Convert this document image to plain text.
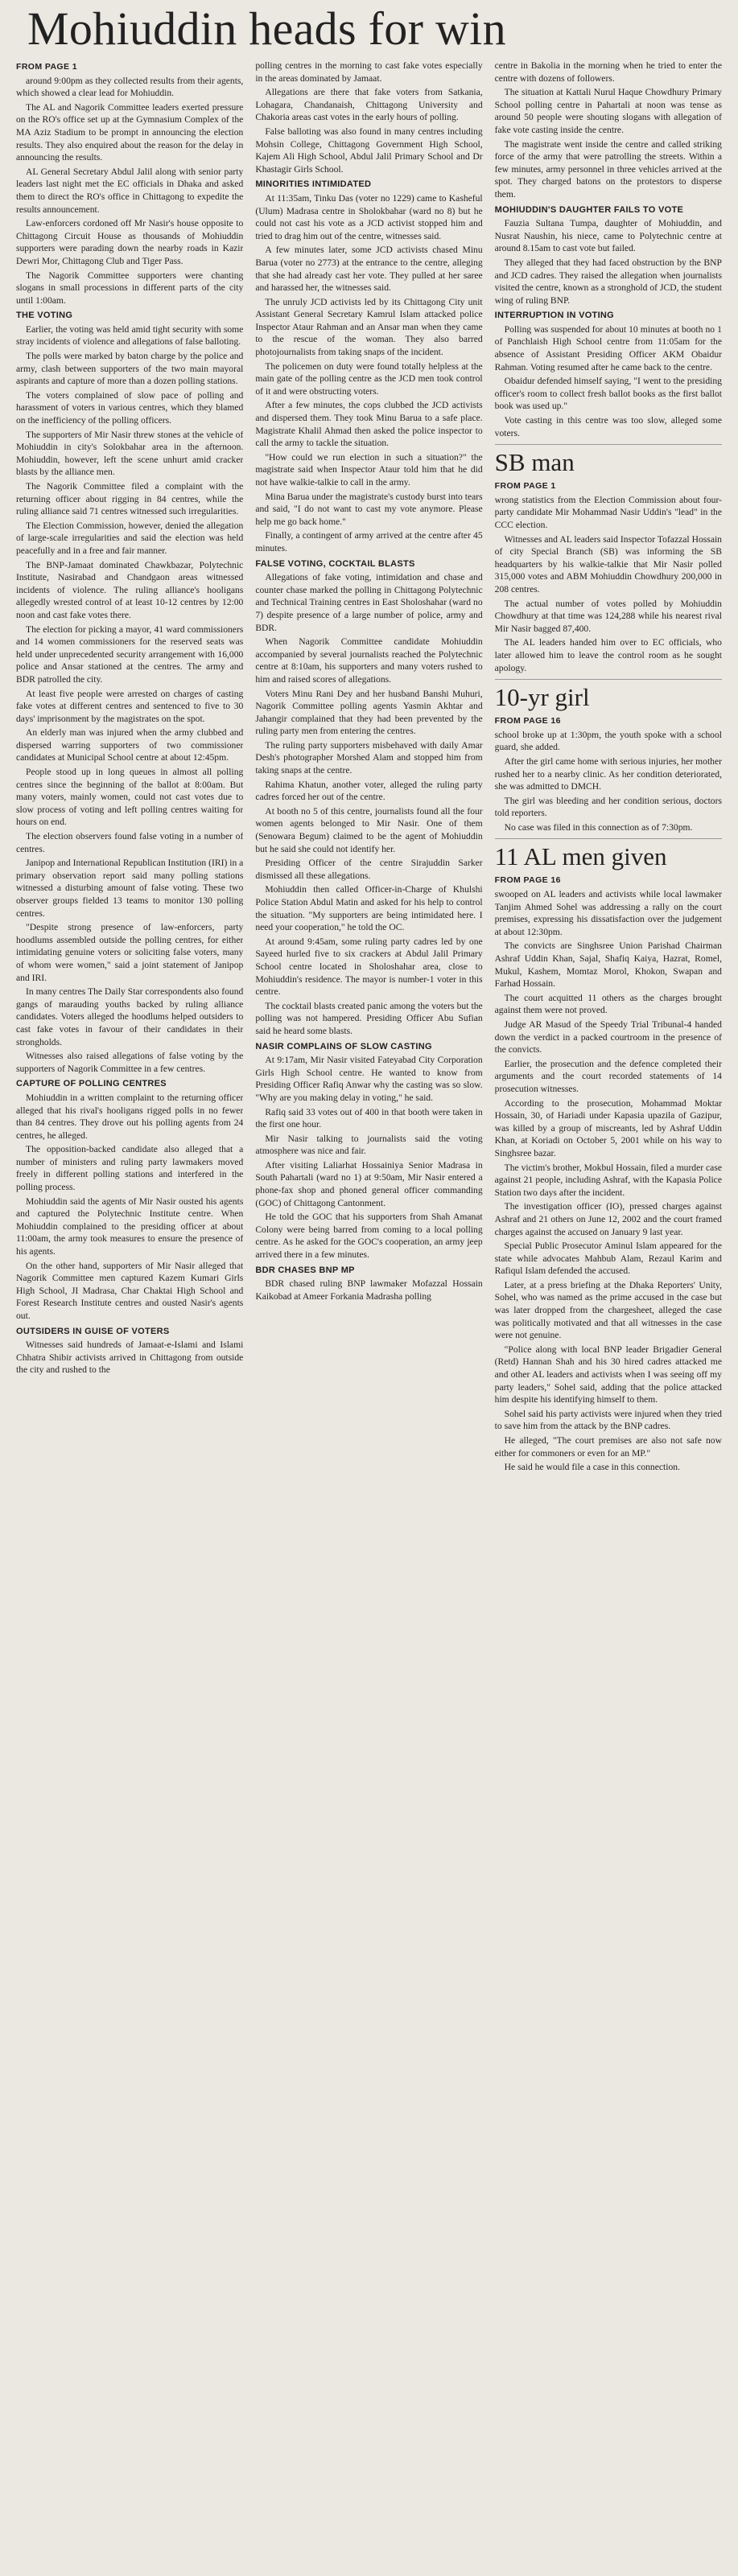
Mohiuddin heads for win
FROM PAGE 1

around 9:00pm as they collected results from their agents, which showed a clear lead for Mohiuddin.

The AL and Nagorik Committee leaders exerted pressure on the RO's office set up at the Gymnasium Complex of the MA Aziz Stadium to be prompt in announcing the election results. They also enquired about the reason for the delay in announcing the results.

AL General Secretary Abdul Jalil along with senior party leaders last night met the EC officials in Dhaka and asked them to direct the RO's office in Chittagong to expedite the results announcement.

Law-enforcers cordoned off Mr Nasir's house opposite to Chittagong Circuit House as thousands of Mohiuddin supporters were parading down the nearby roads in Kazir Dewri Mor, Chittagong Club and Tiger Pass.

The Nagorik Committee supporters were chanting slogans in small processions in different parts of the city until 1:00am.

THE VOTING

Earlier, the voting was held amid tight security with some stray incidents of violence and allegations of false balloting.

The polls were marked by baton charge by the police and army, clash between supporters of the two main mayoral aspirants and capture of more than a dozen polling stations.

The voters complained of slow pace of polling and harassment of voters in various centres, which they blamed on the inefficiency of the polling officers.

The supporters of Mir Nasir threw stones at the vehicle of Mohiuddin in city's Solokbahar area in the afternoon. Mohiuddin, however, left the scene unhurt amid cracker blasts by the alliance men.

The Nagorik Committee filed a complaint with the returning officer about rigging in 84 centres, while the ruling alliance said 71 centres witnessed such irregularities.

The Election Commission, however, denied the allegation of large-scale irregularities and said the election was held peacefully and in a free and fair manner.

The BNP-Jamaat dominated Chawkbazar, Polytechnic Institute, Nasirabad and Chandgaon areas witnessed incidents of violence. The ruling alliance's hooligans allegedly wrested control of at least 10-12 centres by 12:00 noon and cast fake votes there.

The election for picking a mayor, 41 ward commissioners and 14 women commissioners for the reserved seats was held under unprecedented security arrangement with 16,000 police and Ansar stationed at the centres. The army and BDR patrolled the city.

At least five people were arrested on charges of casting fake votes at different centres and sentenced to five to 30 days' imprisonment by the magistrates on the spot.

An elderly man was injured when the army clubbed and dispersed warring supporters of two commissioner candidates at Municipal School centre at about 12:45pm.

People stood up in long queues in almost all polling centres since the beginning of the ballot at 8:00am. But many voters, mainly women, could not cast votes due to slow process of voting and left polling centres waiting for hours on end.

The election observers found false voting in a number of centres.

Janipop and International Republican Institution (IRI) in a primary observation report said many polling stations witnessed a disturbing amount of false voting. These two observer groups fielded 13 teams to monitor 130 polling centres.

"Despite strong presence of law-enforcers, party hoodlums assembled outside the polling centres, for either intimidating genuine voters or soliciting false voters, many of whom were women," said a joint statement of Janipop and IRI.

In many centres The Daily Star correspondents also found gangs of marauding youths backed by ruling alliance candidates. Voters alleged the hoodlums helped outsiders to cast fake votes in favour of their candidates in their strongholds.

Witnesses also raised allegations of false voting by the supporters of Nagorik Committee in a few centres.

CAPTURE OF POLLING CENTRES

Mohiuddin in a written complaint to the returning officer alleged that his rival's hooligans rigged polls in no fewer than 84 centres. They drove out his polling agents from 24 centres, he alleged.

The opposition-backed candidate also alleged that a number of ministers and ruling party lawmakers moved freely in different polling stations and interfered in the polling process.

Mohiuddin said the agents of Mir Nasir ousted his agents and captured the Polytechnic Institute centre. When Mohiuddin complained to the presiding officer at about 11:00am, the army took measures to ensure the presence of his agents.

On the other hand, supporters of Mir Nasir alleged that Nagorik Committee men captured Kazem Kumari Girls High School, JI Madrasa, Char Chaktai High School and Forest Research Institute centres and ousted Nasir's agents out.

OUTSIDERS IN GUISE OF VOTERS

Witnesses said hundreds of Jamaat-e-Islami and Islami Chhatra Shibir activists arrived in Chittagong from outside the city and rushed to the

polling centres in the morning to cast fake votes especially in the areas dominated by Jamaat.

Allegations are there that fake voters from Satkania, Lohagara, Chandanaish, Chittagong University and Chakoria areas cast votes in the early hours of polling.

False balloting was also found in many centres including Mohsin College, Chittagong Government High School, Kajem Ali High School, Abdul Jalil Primary School and Dr Khastagir Girls School.

MINORITIES INTIMIDATED

At 11:35am, Tinku Das (voter no 1229) came to Kasheful (Ulum) Madrasa centre in Sholokbahar (ward no 8) but he could not cast his vote as a JCD activist stopped him and tried to drag him out of the centre, witnesses said.

A few minutes later, some JCD activists chased Minu Barua (voter no 2773) at the entrance to the centre, alleging that she had already cast her vote. They pulled at her saree and harassed her, the witnesses said.

The unruly JCD activists led by its Chittagong City unit Assistant General Secretary Kamrul Islam attacked police Inspector Ataur Rahman and an Ansar man when they came to the rescue of the woman. They also barred photojournalists from taking snaps of the incident.

The policemen on duty were found totally helpless at the main gate of the polling centre as the JCD men took control of it and were obstructing voters.

After a few minutes, the cops clubbed the JCD activists and dispersed them. They took Minu Barua to a safe place. Magistrate Khalil Ahmad then asked the police inspector to call the army to tackle the situation.

"How could we run election in such a situation?" the magistrate said when Inspector Ataur told him that he did not have walkie-talkie to call in the army.

Mina Barua under the magistrate's custody burst into tears and said, "I do not want to cast my vote anymore. Please help me go back home."

Finally, a contingent of army arrived at the centre after 45 minutes.

FALSE VOTING, COCKTAIL BLASTS

Allegations of fake voting, intimidation and chase and counter chase marked the polling in Chittagong Polytechnic and Technical Training centres in East Sholoshahar (ward no 7) despite presence of a large number of police, army and BDR.

When Nagorik Committee candidate Mohiuddin accompanied by several journalists reached the Polytechnic centre at 8:10am, his supporters and many voters rushed to him and raised scores of allegations.

Voters Minu Rani Dey and her husband Banshi Muhuri, Nagorik Committee polling agents Yasmin Akhtar and Jahangir complained that they had been prevented by the ruling party men from entering the centres.

The ruling party supporters misbehaved with daily Amar Desh's photographer Morshed Alam and stopped him from taking snaps at the centre.

Rahima Khatun, another voter, alleged the ruling party cadres forced her out of the centre.

At booth no 5 of this centre, journalists found all the four women agents belonged to Mir Nasir. One of them (Senowara Begum) claimed to be the agent of Mohiuddin but he said she could not identify her.

Presiding Officer of the centre Sirajuddin Sarker dismissed all these allegations.

Mohiuddin then called Officer-in-Charge of Khulshi Police Station Abdul Matin and asked for his help to control the situation. "My supporters are being intimidated here. I need your cooperation," he told the OC.

At around 9:45am, some ruling party cadres led by one Sayeed hurled five to six crackers at Abdul Jalil Primary School centre located in Sholoshahar area, close to Mohiuddin's residence. The mayor is number-1 voter in this centre.

The cocktail blasts created panic among the voters but the polling was not hampered. Presiding Officer Abu Sufian said he heard some blasts.

NASIR COMPLAINS OF SLOW CASTING

At 9:17am, Mir Nasir visited Fateyabad City Corporation Girls High School centre. He wanted to know from Presiding Officer Rafiq Anwar why the casting was so slow. "Why are you making delay in voting," he said.

Rafiq said 33 votes out of 400 in that booth were taken in the first one hour.

Mir Nasir talking to journalists said the voting atmosphere was nice and fair.

After visiting Laliarhat Hossainiya Senior Madrasa in South Pahartali (ward no 1) at 9:50am, Mir Nasir entered a phone-fax shop and phoned general officer commanding (GOC) of Chittagong Cantonment.

He told the GOC that his supporters from Shah Amanat Colony were being barred from coming to a local polling centre. As he asked for the GOC's cooperation, an army jeep arrived there in a few minutes.

BDR CHASES BNP MP

BDR chased ruling BNP lawmaker Mofazzal Hossain Kaikobad at Ameer Forkania Madrasha polling

centre in Bakolia in the morning when he tried to enter the centre with dozens of followers.

The situation at Kattali Nurul Haque Chowdhury Primary School polling centre in Pahartali at noon was tense as around 50 people were shouting slogans with allegation of fake vote casting inside the centre.

The magistrate went inside the centre and called striking force of the army that were patrolling the streets. Within a few minutes, army personnel in three vehicles arrived at the spot. They charged batons on the protestors to disperse them.

MOHIUDDIN'S DAUGHTER FAILS TO VOTE

Fauzia Sultana Tumpa, daughter of Mohiuddin, and Nusrat Naushin, his niece, came to Polytechnic centre at around 8.15am to cast vote but failed.

They alleged that they had faced obstruction by the BNP and JCD cadres. They raised the allegation when journalists visited the centre, known as a stronghold of JCD, the student wing of ruling BNP.

INTERRUPTION IN VOTING

Polling was suspended for about 10 minutes at booth no 1 of Panchlaish High School centre from 11:05am for the absence of Assistant Presiding Officer AKM Obaidur Rahman. Voting resumed after he came back to the centre.

Obaidur defended himself saying, "I went to the presiding officer's room to collect fresh ballot books as the first ballot book was used up."

Vote casting in this centre was too slow, alleged some voters.

SB man
FROM PAGE 1

wrong statistics from the Election Commission about four-party candidate Mir Mohammad Nasir Uddin's "lead" in the CCC election.

Witnesses and AL leaders said Inspector Tofazzal Hossain of city Special Branch (SB) was informing the SB headquarters by his walkie-talkie that Mir Nasir polled 315,000 votes and ABM Mohiuddin Chowdhury 200,000 in 208 centres.

The actual number of votes polled by Mohiuddin Chowdhury at that time was 124,288 while his nearest rival Mir Nasir bagged 87,400.

The AL leaders handed him over to EC officials, who later allowed him to leave the control room as he sought apology.

10-yr girl
FROM PAGE 16

school broke up at 1:30pm, the youth spoke with a school guard, she added.

After the girl came home with serious injuries, her mother rushed her to a nearby clinic. As her condition deteriorated, she was admitted to DMCH.

The girl was bleeding and her condition serious, doctors told reporters.

No case was filed in this connection as of 7:30pm.

11 AL men given
FROM PAGE 16

swooped on AL leaders and activists while local lawmaker Tanjim Ahmed Sohel was addressing a rally on the court premises, expressing his dissatisfaction over the judgement at about 12:30pm.

The convicts are Singhsree Union Parishad Chairman Ashraf Uddin Khan, Sajal, Shafiq Kaiya, Hazrat, Romel, Mukul, Kashem, Momtaz Morol, Khokon, Swapan and Farhad Hossain.

The court acquitted 11 others as the charges brought against them were not proved.

Judge AR Masud of the Speedy Trial Tribunal-4 handed down the verdict in a packed courtroom in the presence of the convicts.

Earlier, the prosecution and the defence completed their arguments and the court recorded statements of 14 prosecution witnesses.

According to the prosecution, Mohammad Moktar Hossain, 30, of Hariadi under Kapasia upazila of Gazipur, was killed by a group of miscreants, led by Ashraf Uddin Khan, at Koriadi on October 5, 2001 while on his way to Singhsree bazar.

The victim's brother, Mokbul Hossain, filed a murder case against 21 people, including Ashraf, with the Kapasia Police Station two days after the incident.

The investigation officer (IO), pressed charges against Ashraf and 21 others on June 12, 2002 and the court framed charges against the accused on January 9 last year.

Special Public Prosecutor Aminul Islam appeared for the state while advocates Mahbub Alam, Rezaul Karim and Rafiqul Islam defended the accused.

Later, at a press briefing at the Dhaka Reporters' Unity, Sohel, who was named as the prime accused in the case but was later dropped from the chargesheet, alleged the case was politically motivated and that all witnesses in the case were not genuine.

"Police along with local BNP leader Brigadier General (Retd) Hannan Shah and his 30 hired cadres attacked me and other AL leaders and activists when I was seeing off my party leaders," Sohel said, adding that the police attacked him despite his identifying himself to them.

Sohel said his party activists were injured when they tried to save him from the attack by the BNP cadres.

He alleged, "The court premises are also not safe now either for commoners or even for an MP."

He said he would file a case in this connection.
